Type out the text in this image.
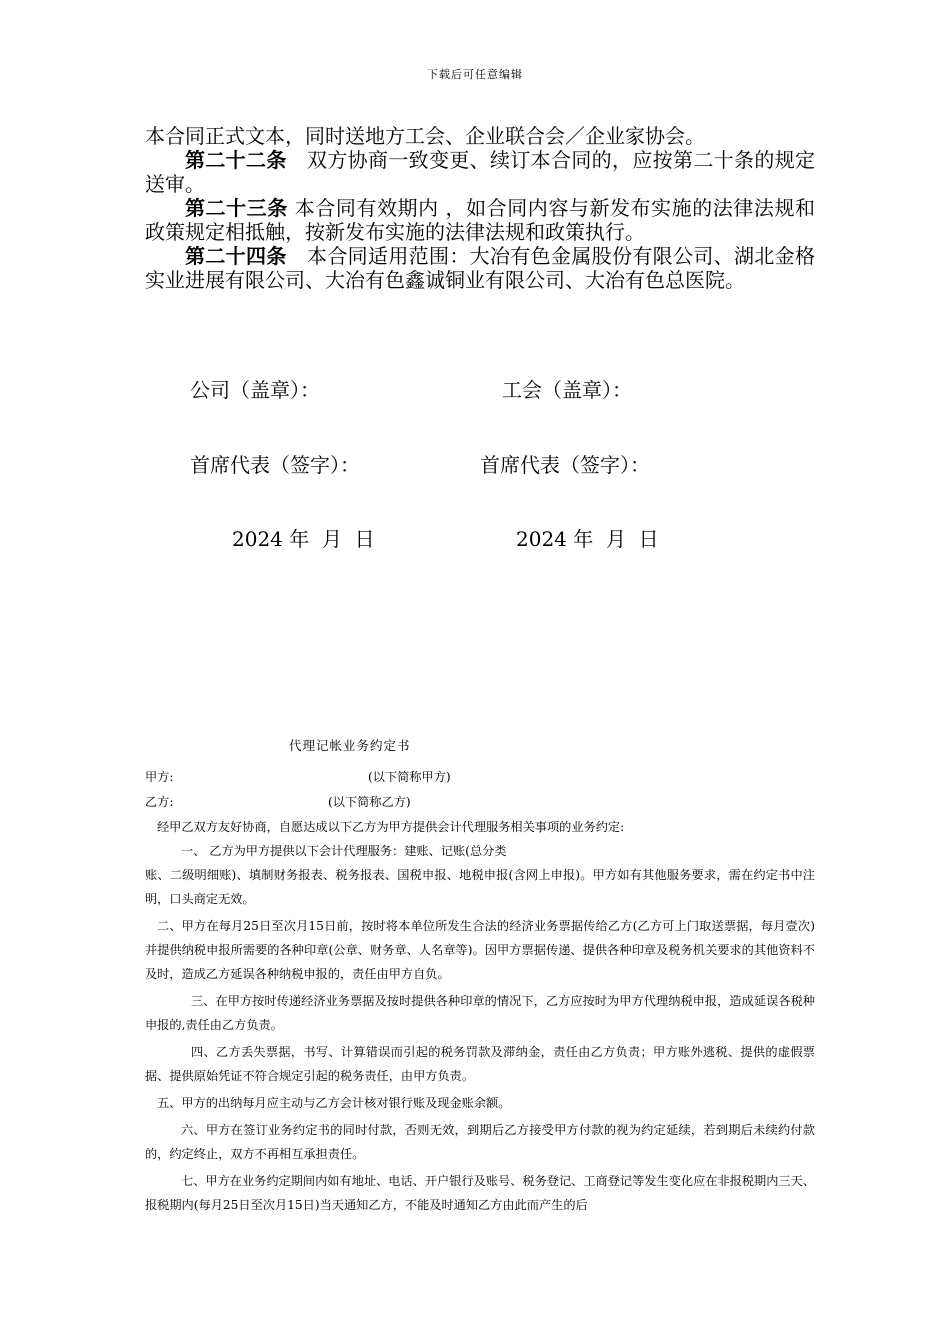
下载后可任意编辑

本合同正式文本，同时送地方工会、企业联合会／企业家协会。

第二十二条　双方协商一致变更、续订本合同的，应按第二十条的规定送审。

第二十三条 本合同有效期内 ，如合同内容与新发布实施的法律法规和政策规定相抵触，按新发布实施的法律法规和政策执行。

第二十四条　本合同适用范围：大冶有色金属股份有限公司、湖北金格实业进展有限公司、大冶有色鑫诚铜业有限公司、大冶有色总医院。

公司（盖章）：	工会（盖章）：
首席代表（签字）：	首席代表（签字）：
2024 年  月  日	2024 年  月  日
代理记帐业务约定书
甲方:	(以下简称甲方)
乙方:	(以下简称乙方)

经甲乙双方友好协商，自愿达成以下乙方为甲方提供会计代理服务相关事项的业务约定:

一、 乙方为甲方提供以下会计代理服务：建账、记账(总分类

账、二级明细账)、填制财务报表、税务报表、国税申报、地税申报(含网上申报)。甲方如有其他服务要求，需在约定书中注明，口头商定无效。

二、甲方在每月25日至次月15日前，按时将本单位所发生合法的经济业务票据传给乙方(乙方可上门取送票据，每月壹次)并提供纳税申报所需要的各种印章(公章、财务章、人名章等)。因甲方票据传递、提供各种印章及税务机关要求的其他资料不及时，造成乙方延误各种纳税申报的，责任由甲方自负。

三、在甲方按时传递经济业务票据及按时提供各种印章的情况下，乙方应按时为甲方代理纳税申报，造成延误各税种申报的,责任由乙方负责。

四、乙方丢失票据，书写、计算错误而引起的税务罚款及滞纳金，责任由乙方负责；甲方账外逃税、提供的虚假票据、提供原始凭证不符合规定引起的税务责任，由甲方负责。

五、甲方的出纳每月应主动与乙方会计核对银行账及现金账余额。

六、甲方在签订业务约定书的同时付款，否则无效，到期后乙方接受甲方付款的视为约定延续，若到期后未续约付款的，约定终止，双方不再相互承担责任。

七、甲方在业务约定期间内如有地址、电话、开户银行及账号、税务登记、工商登记等发生变化应在非报税期内三天、报税期内(每月25日至次月15日)当天通知乙方，不能及时通知乙方由此而产生的后
